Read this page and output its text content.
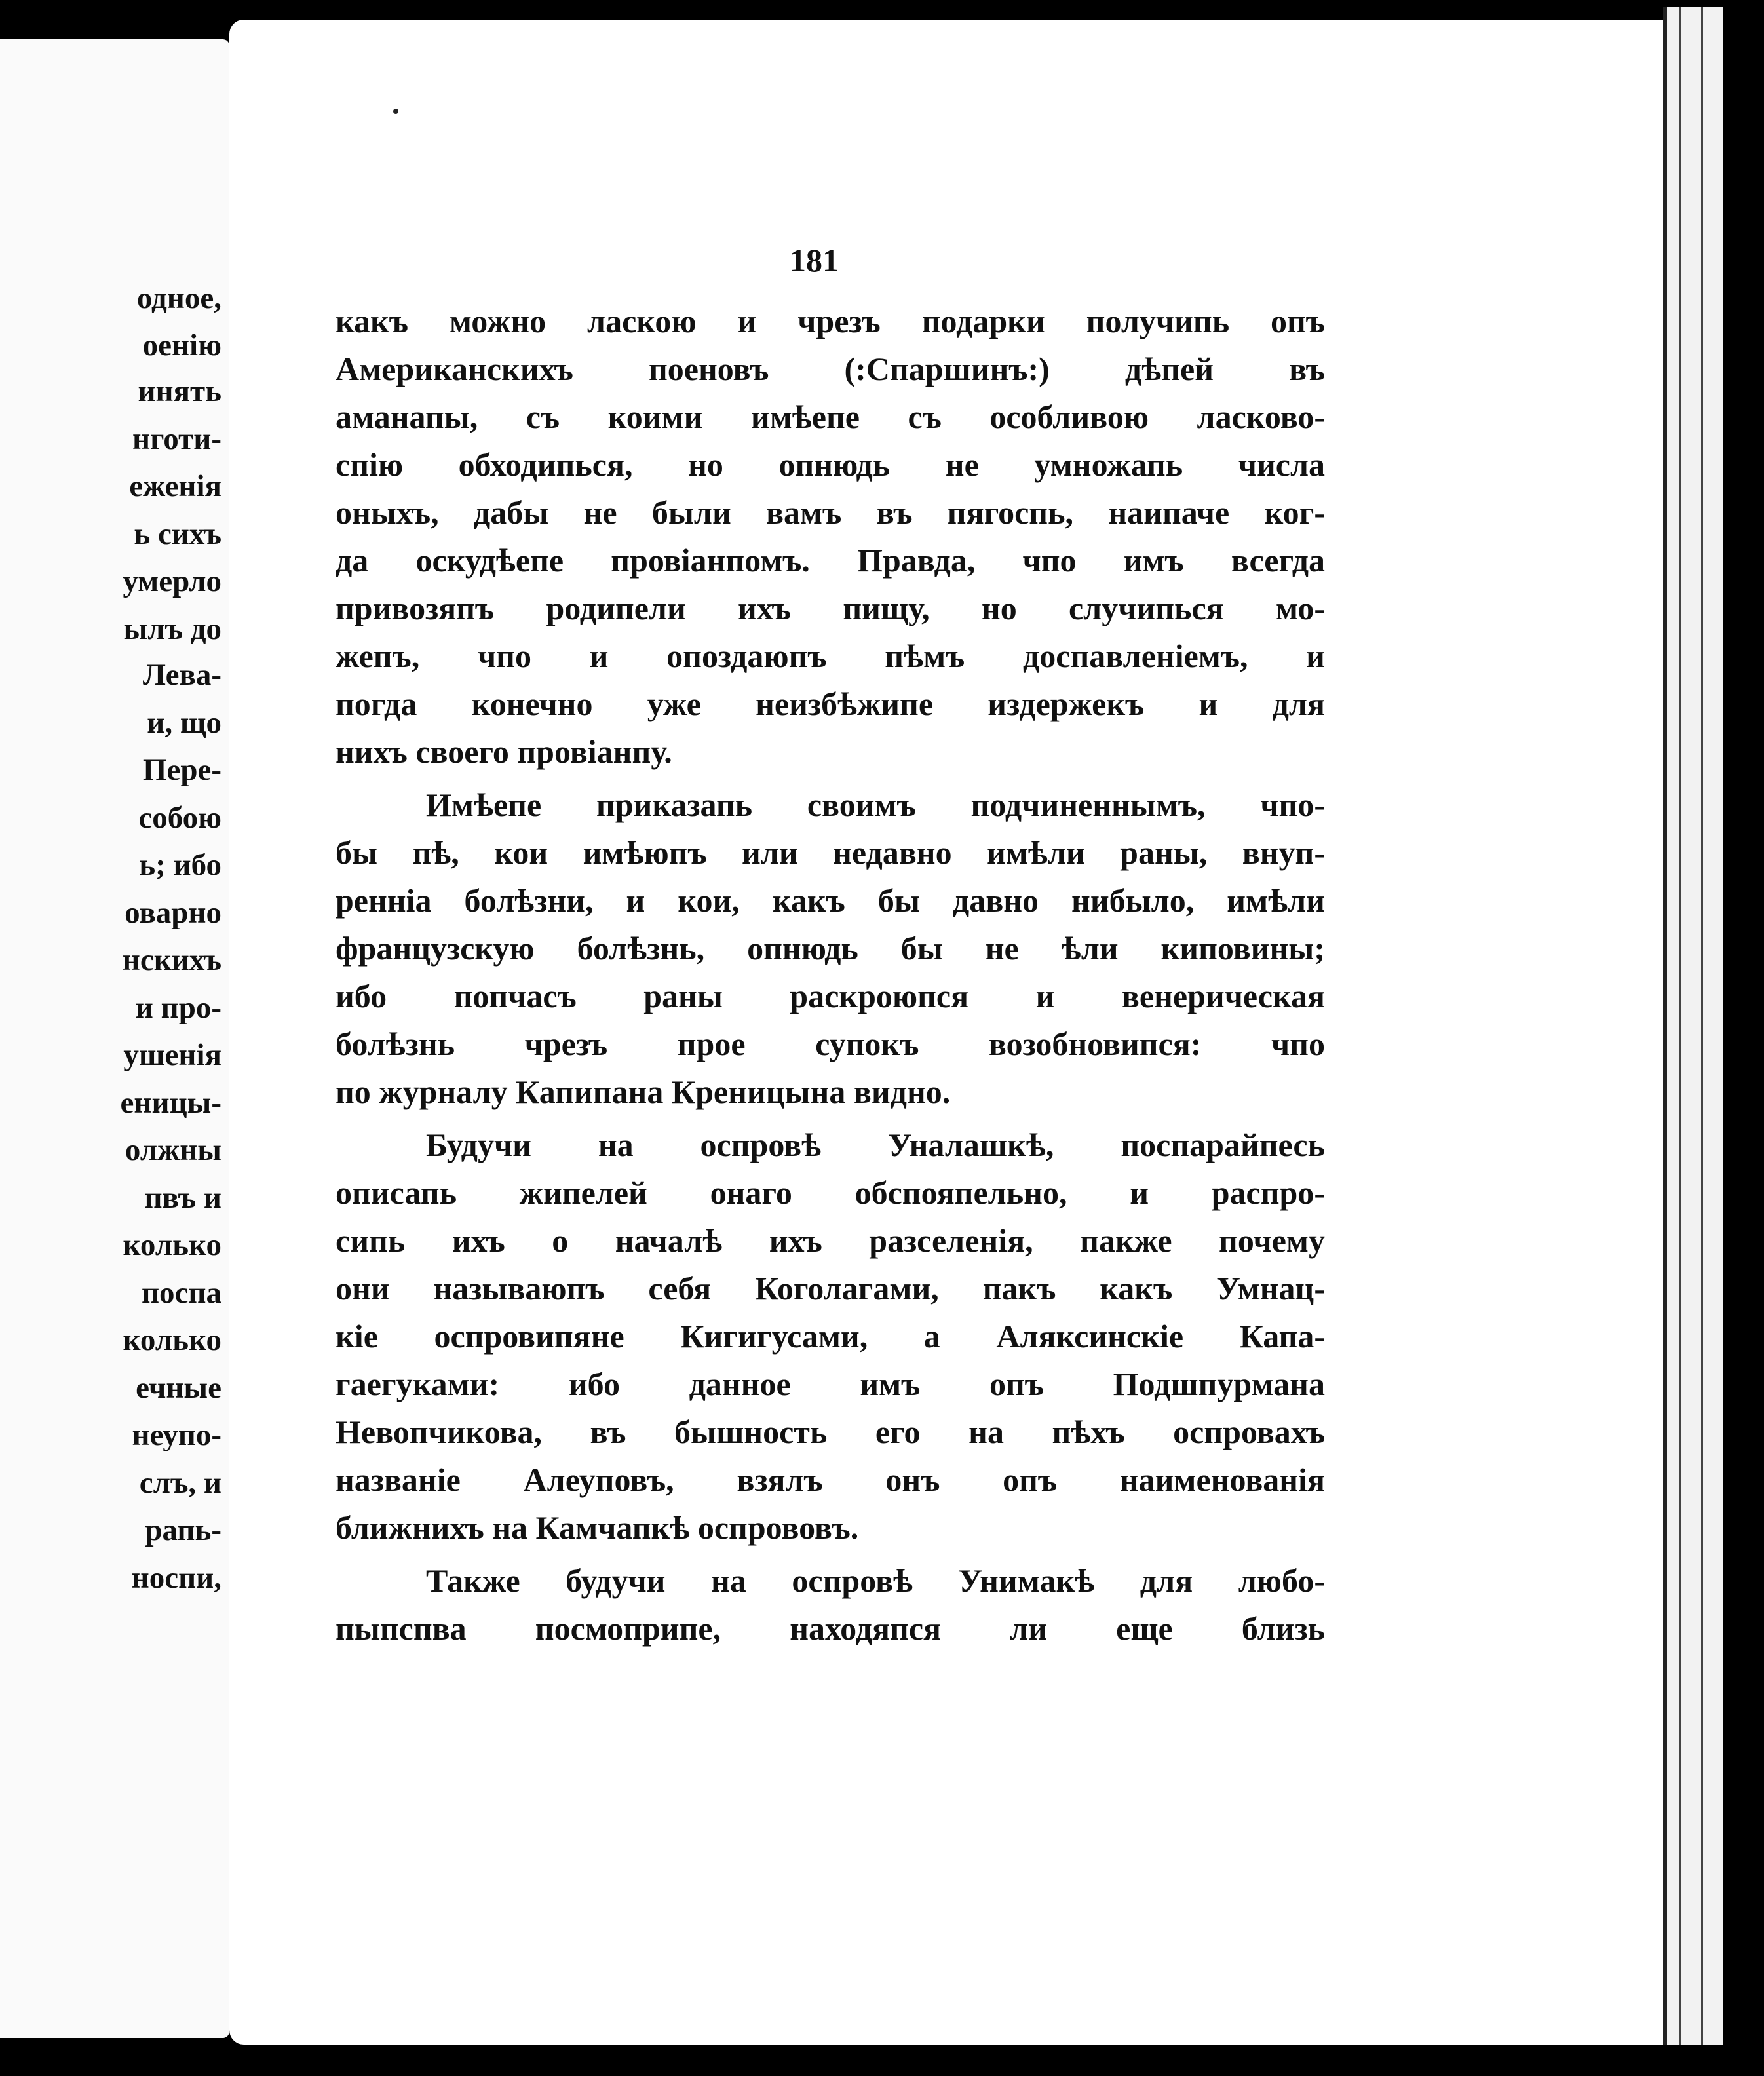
одное,
оенію
инять
нготи-
еженія
ь сихъ
умерло
ылъ до
Лева-
и, що
Пере-
собою
ь; ибо
оварно
нскихъ
и про-
ушенія
еницы-
олжны
пвъ и
колько
поспа
колько
ечные
неупо-
слъ, и
рапь-
носпи,
181
какъ можно ласкою и чрезъ подарки получипь опъ
Американскихъ поеновъ (:Спаршинъ:) дѣпей въ
аманапы, съ коими имѣепе съ особливою ласково-
спію обходипься, но опнюдь не умножапь числа
оныхъ, дабы не были вамъ въ пягоспь, наипаче ког-
да оскудѣепе провіанпомъ. Правда, чпо имъ всегда
привозяпъ родипели ихъ пищу, но случипься мо-
жепъ, чпо и опоздаюпъ пѣмъ доспавленіемъ, и
погда конечно уже неизбѣжипе издержекъ и для
нихъ своего провіанпу.
Имѣепе приказапь своимъ подчиненнымъ, чпо-
бы пѣ, кои имѣюпъ или недавно имѣли раны, внуп-
ренніа болѣзни, и кои, какъ бы давно нибыло, имѣли
французскую болѣзнь, опнюдь бы не ѣли киповины;
ибо попчасъ раны раскроюпся и венерическая
болѣзнь чрезъ прое супокъ возобновипся: чпо
по журналу Капипана Креницына видно.
Будучи на оспровѣ Уналашкѣ, поспарайпесь
описапь жипелей онаго обспояпельно, и распро-
сипь ихъ о началѣ ихъ разселенія, пакже почему
они называюпъ себя Коголагами, пакъ какъ Умнац-
кіе оспровипяне Кигигусами, а Аляксинскіе Капа-
гаегуками: ибо данное имъ опъ Подшпурмана
Невопчикова, въ бышность его на пѣхъ оспровахъ
названіе Алеуповъ, взялъ онъ опъ наименованія
ближнихъ на Камчапкѣ оспрововъ.
Также будучи на оспровѣ Унимакѣ для любо-
пыпспва посмоприпе, находяпся ли еще близь
